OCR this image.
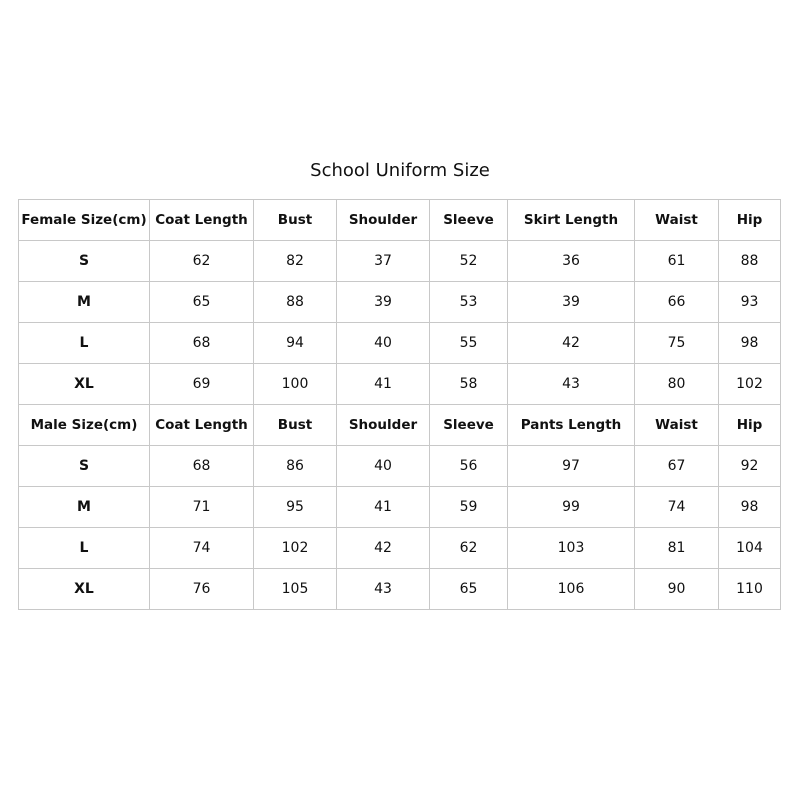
School Uniform Size
Female Size(cm)	Coat Length	Bust	Shoulder	Sleeve	Skirt Length	Waist	Hip
S	62	82	37	52	36	61	88
M	65	88	39	53	39	66	93
L	68	94	40	55	42	75	98
XL	69	100	41	58	43	80	102
Male Size(cm)	Coat Length	Bust	Shoulder	Sleeve	Pants Length	Waist	Hip
S	68	86	40	56	97	67	92
M	71	95	41	59	99	74	98
L	74	102	42	62	103	81	104
XL	76	105	43	65	106	90	110
